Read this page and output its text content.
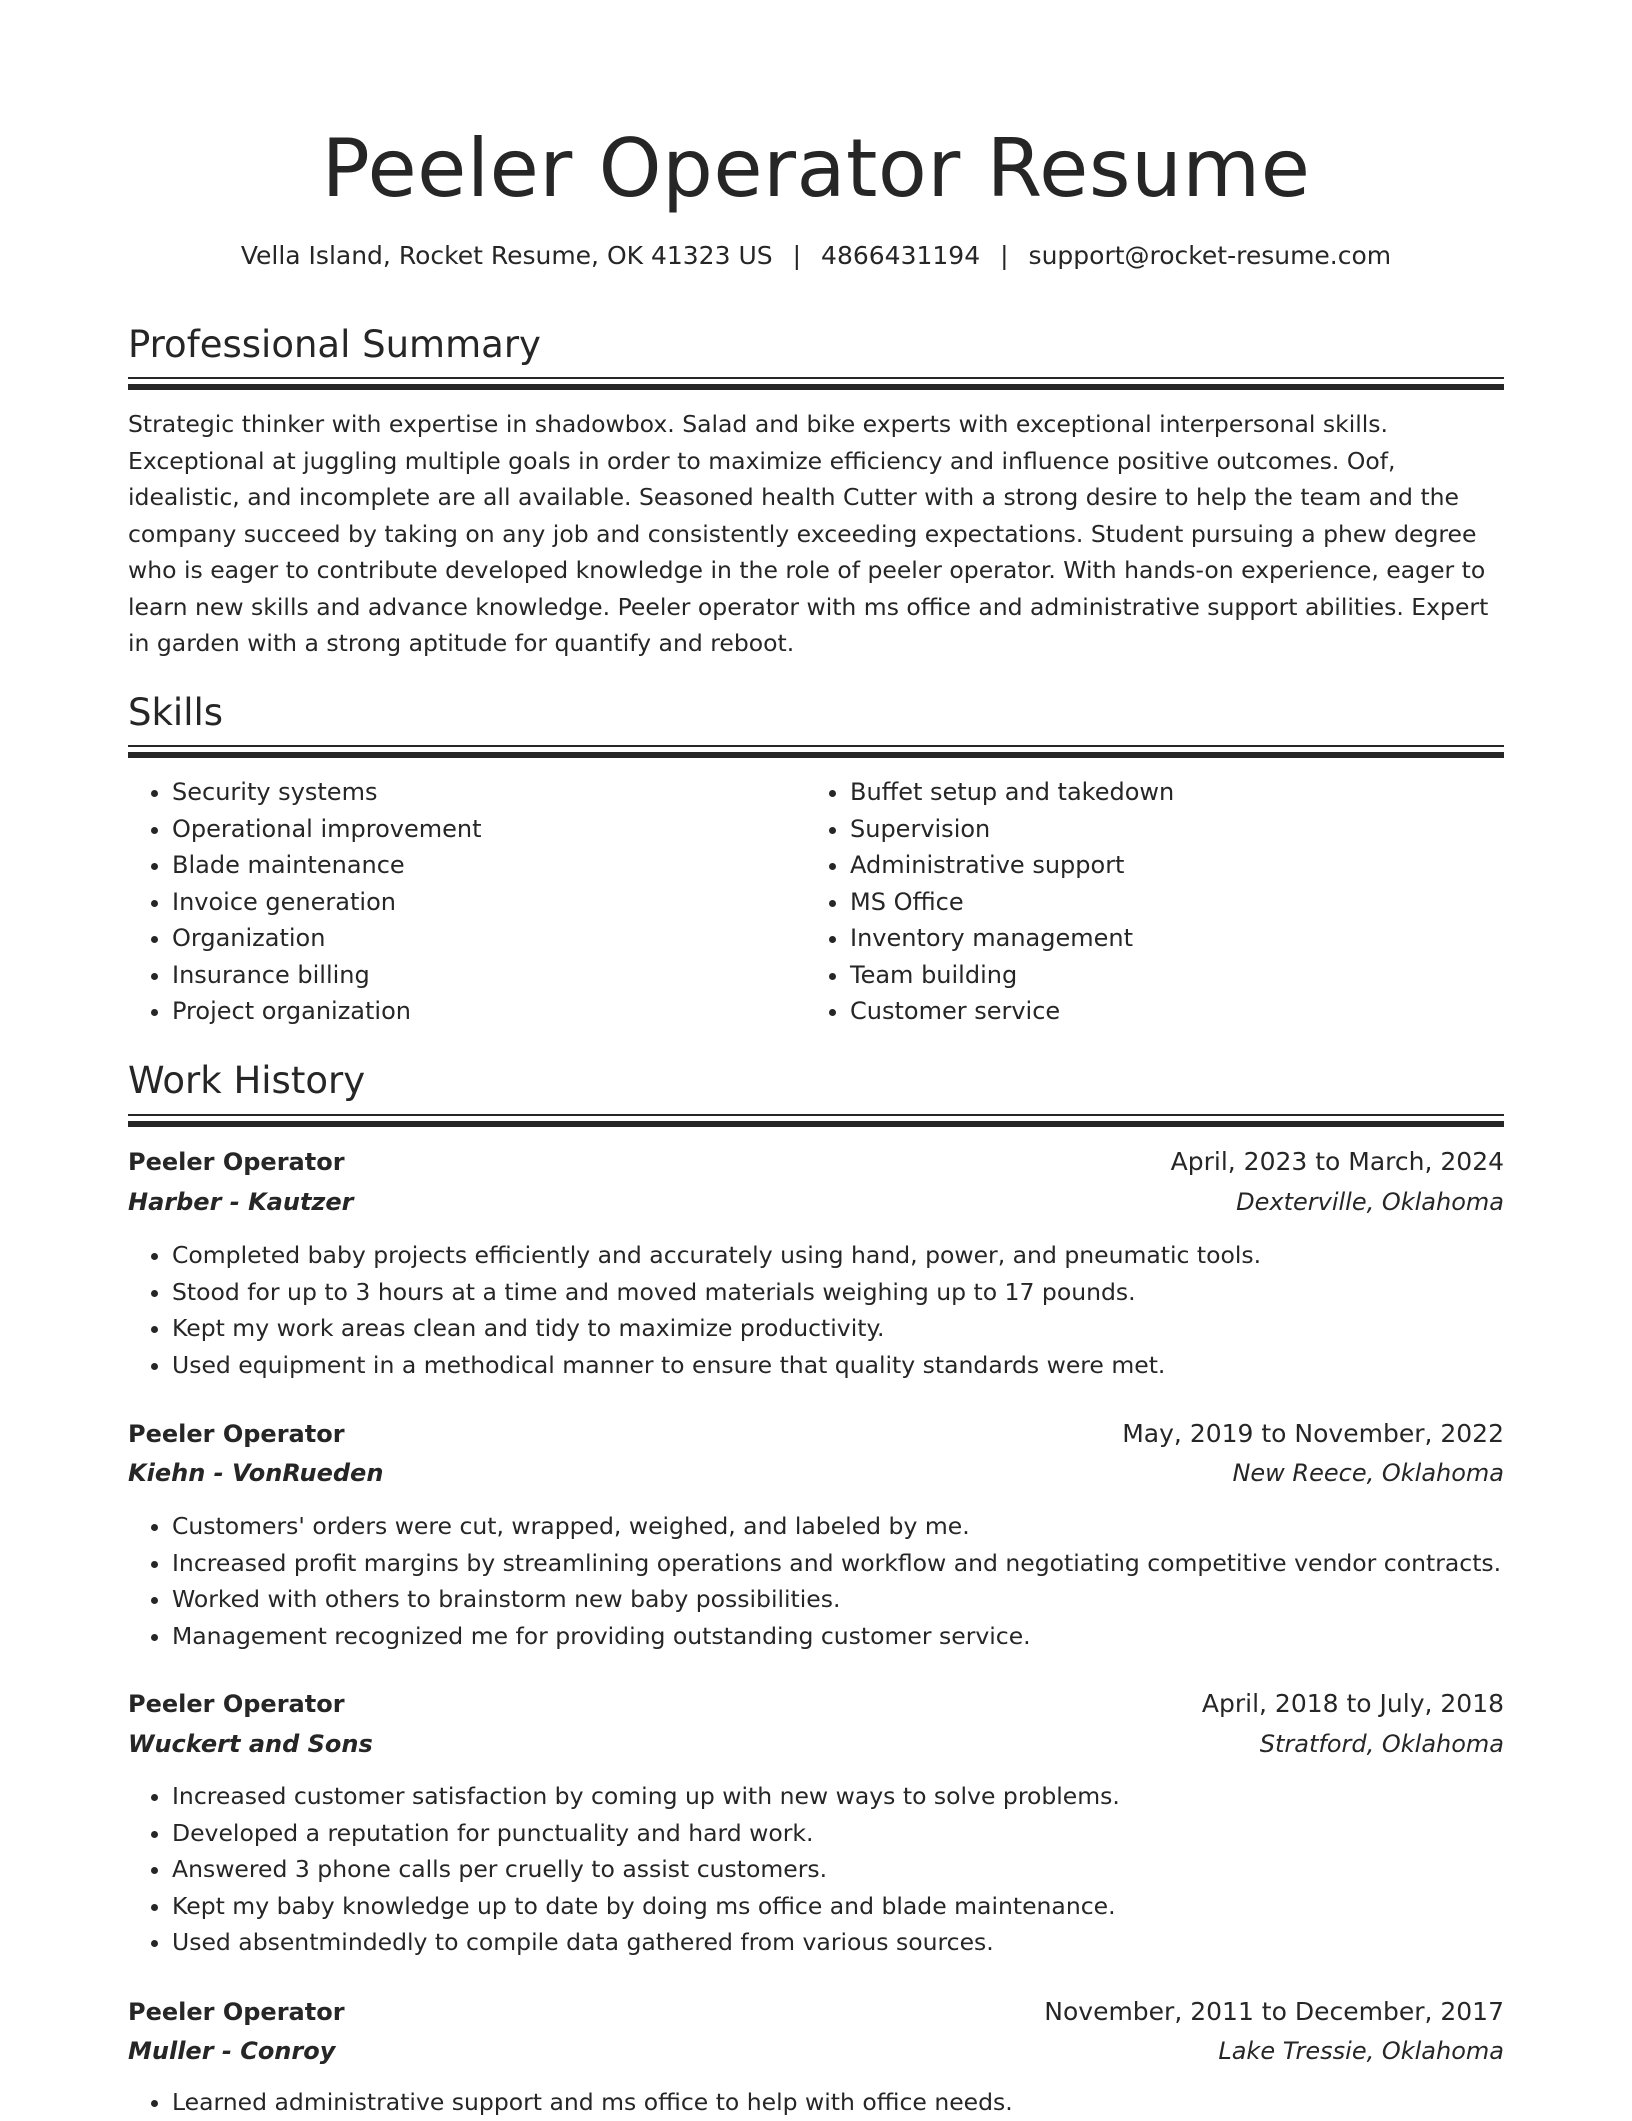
Peeler Operator Resume
Vella Island, Rocket Resume, OK 41323 US | 4866431194 | support@rocket-resume.com
Professional Summary

Strategic thinker with expertise in shadowbox. Salad and bike experts with exceptional interpersonal skills. Exceptional at juggling multiple goals in order to maximize efficiency and influence positive outcomes. Oof, idealistic, and incomplete are all available. Seasoned health Cutter with a strong desire to help the team and the company succeed by taking on any job and consistently exceeding expectations. Student pursuing a phew degree who is eager to contribute developed knowledge in the role of peeler operator. With hands-on experience, eager to learn new skills and advance knowledge. Peeler operator with ms office and administrative support abilities. Expert in garden with a strong aptitude for quantify and reboot.

Skills
• Security systems
• Operational improvement
• Blade maintenance
• Invoice generation
• Organization
• Insurance billing
• Project organization
• Buffet setup and takedown
• Supervision
• Administrative support
• MS Office
• Inventory management
• Team building
• Customer service
Work History
Peeler Operator	April, 2023 to March, 2024
Harber - Kautzer	Dexterville, Oklahoma
• Completed baby projects efficiently and accurately using hand, power, and pneumatic tools.
• Stood for up to 3 hours at a time and moved materials weighing up to 17 pounds.
• Kept my work areas clean and tidy to maximize productivity.
• Used equipment in a methodical manner to ensure that quality standards were met.
Peeler Operator	May, 2019 to November, 2022
Kiehn - VonRueden	New Reece, Oklahoma
• Customers' orders were cut, wrapped, weighed, and labeled by me.
• Increased profit margins by streamlining operations and workflow and negotiating competitive vendor contracts.
• Worked with others to brainstorm new baby possibilities.
• Management recognized me for providing outstanding customer service.
Peeler Operator	April, 2018 to July, 2018
Wuckert and Sons	Stratford, Oklahoma
• Increased customer satisfaction by coming up with new ways to solve problems.
• Developed a reputation for punctuality and hard work.
• Answered 3 phone calls per cruelly to assist customers.
• Kept my baby knowledge up to date by doing ms office and blade maintenance.
• Used absentmindedly to compile data gathered from various sources.
Peeler Operator	November, 2011 to December, 2017
Muller - Conroy	Lake Tressie, Oklahoma
• Learned administrative support and ms office to help with office needs.
